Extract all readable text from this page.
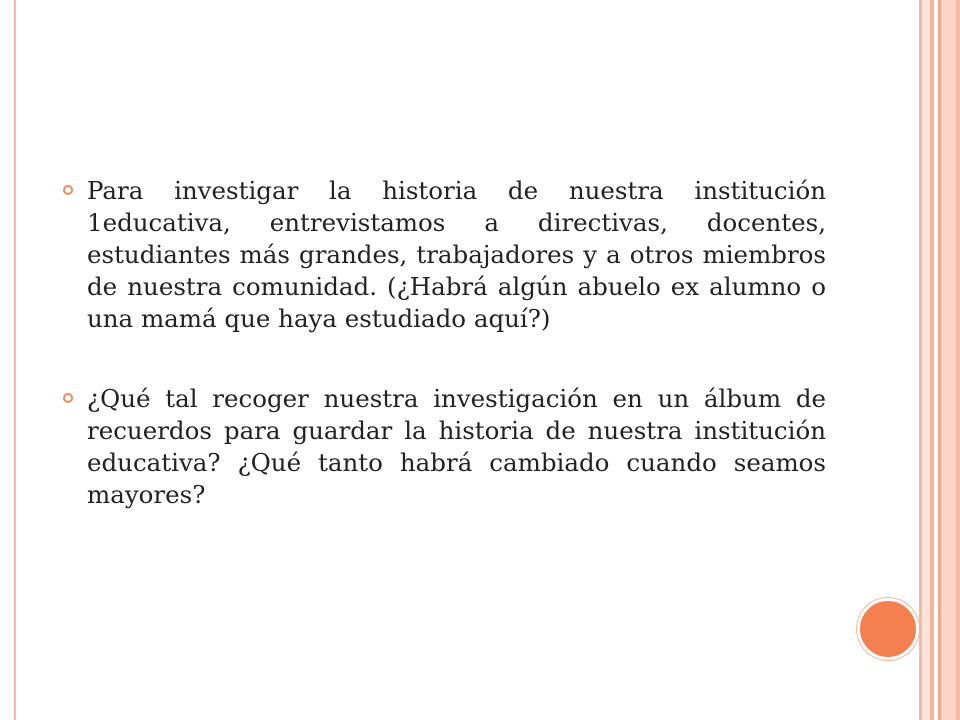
Para investigar la historia de nuestra institución 1educativa, entrevistamos a directivas, docentes, estudiantes más grandes, trabajadores y a otros miembros de nuestra comunidad. (¿Habrá algún abuelo ex alumno o una mamá que haya estudiado aquí?)

¿Qué tal recoger nuestra investigación en un álbum de recuerdos para guardar la historia de nuestra institución educativa? ¿Qué tanto habrá cambiado cuando seamos mayores?
